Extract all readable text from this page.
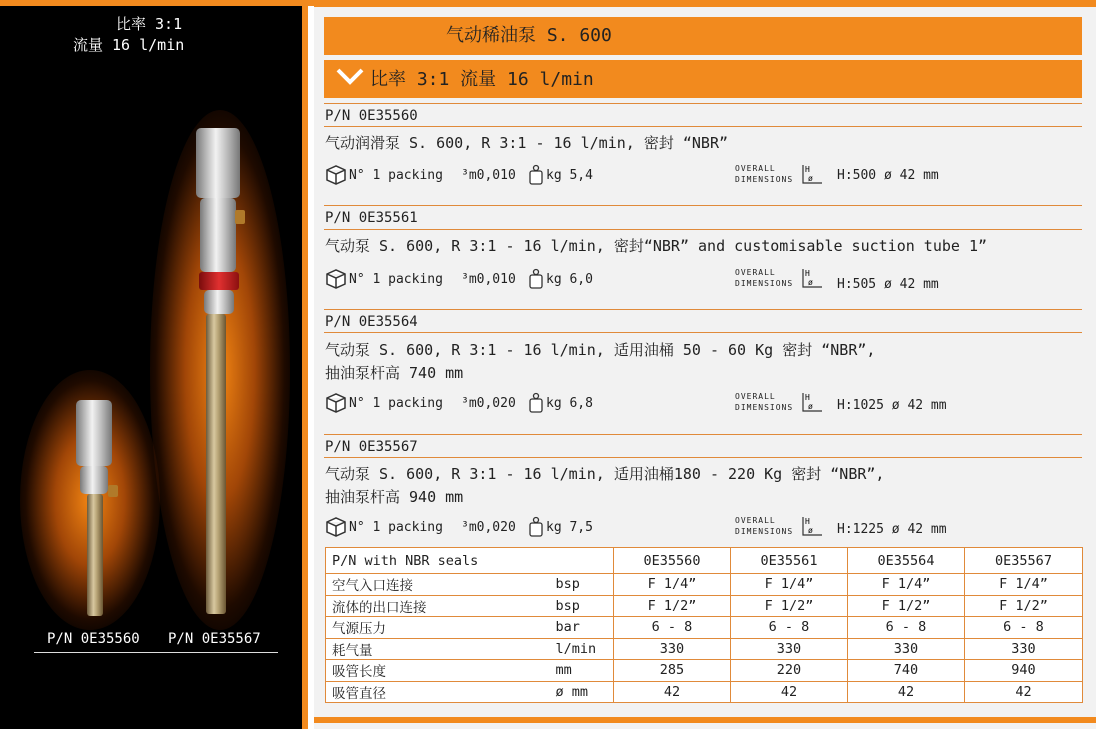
比率 3:1
流量 16 l/min
P/N 0E35560 P/N 0E35567
气动稀油泵 S. 600
比率 3:1 流量 16 l/min
P/N 0E35560
气动润滑泵 S. 600, R 3:1 - 16 l/min, 密封 “NBR”
N° 1 packing ³m0,010 kg 5,4	OVERALL
DIMENSIONS
H
ø H:500 ø 42 mm
P/N 0E35561
气动泵 S. 600, R 3:1 - 16 l/min, 密封“NBR” and customisable suction tube 1”
N° 1 packing ³m0,010 kg 6,0	OVERALL
DIMENSIONS
H
ø H:505 ø 42 mm
P/N 0E35564
气动泵 S. 600, R 3:1 - 16 l/min, 适用油桶 50 - 60 Kg 密封 “NBR”,
抽油泵杆高 740 mm
N° 1 packing ³m0,020 kg 6,8	OVERALL
DIMENSIONS
H
ø H:1025 ø 42 mm
P/N 0E35567
气动泵 S. 600, R 3:1 - 16 l/min, 适用油桶180 - 220 Kg 密封 “NBR”,
抽油泵杆高 940 mm
N° 1 packing ³m0,020 kg 7,5	OVERALL
DIMENSIONS
H
ø H:1225 ø 42 mm
P/N with NBR seals		0E35560	0E35561	0E35564	0E35567
空气入口连接	bsp	F 1/4”	F 1/4”	F 1/4”	F 1/4”
流体的出口连接	bsp	F 1/2”	F 1/2”	F 1/2”	F 1/2”
气源压力	bar	6 - 8	6 - 8	6 - 8	6 - 8
耗气量	l/min	330	330	330	330
吸管长度	mm	285	220	740	940
吸管直径	ø mm	42	42	42	42
